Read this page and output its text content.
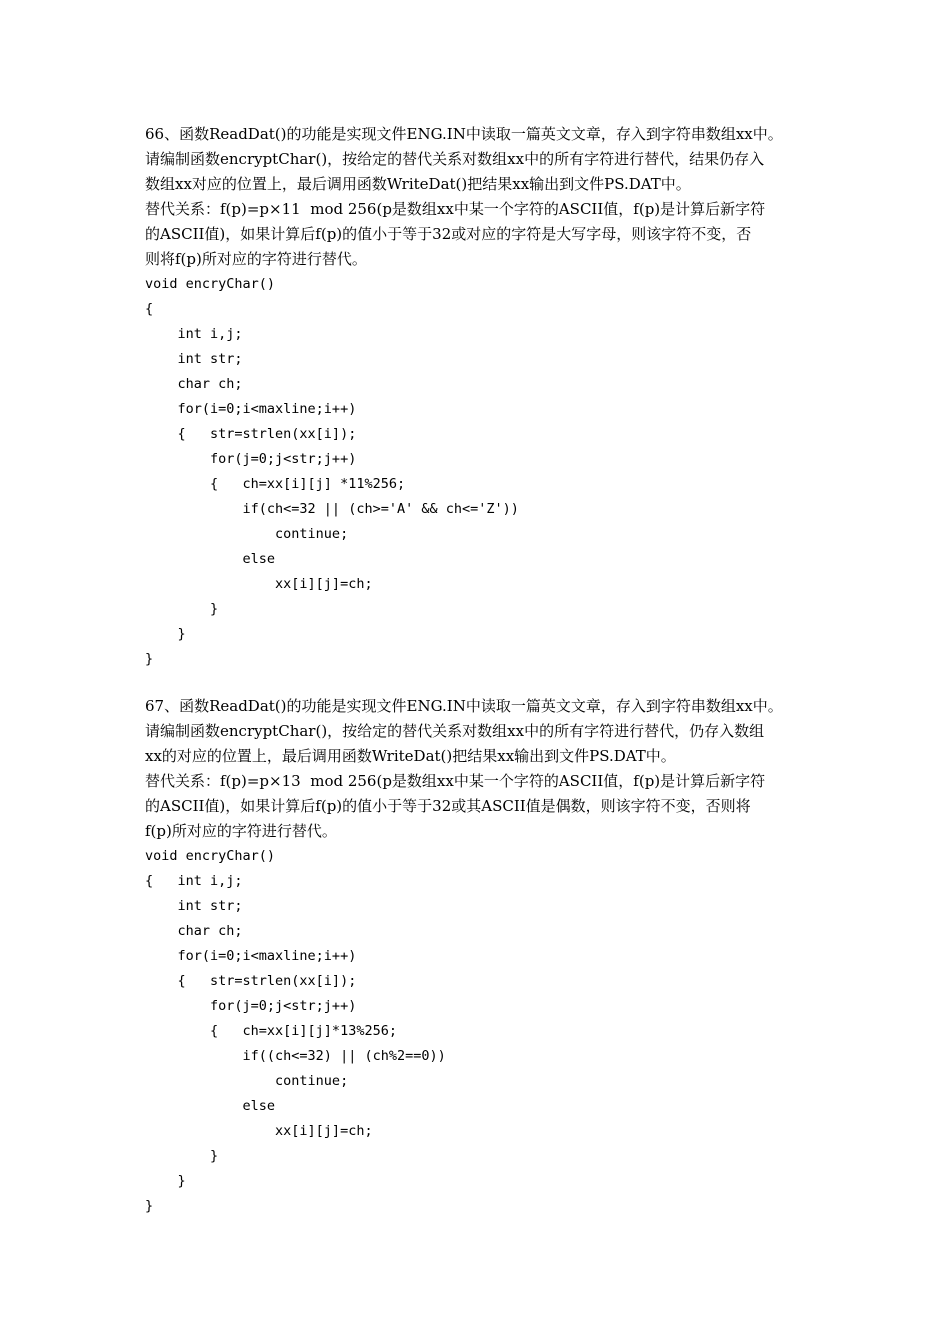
66、函数ReadDat()的功能是实现文件ENG.IN中读取一篇英文文章，存入到字符串数组xx中。
请编制函数encryptChar()，按给定的替代关系对数组xx中的所有字符进行替代，结果仍存入
数组xx对应的位置上，最后调用函数WriteDat()把结果xx输出到文件PS.DAT中。
替代关系：f(p)=p×11  mod 256(p是数组xx中某一个字符的ASCII值，f(p)是计算后新字符
的ASCII值)，如果计算后f(p)的值小于等于32或对应的字符是大写字母，则该字符不变，否
则将f(p)所对应的字符进行替代。
void encryChar()
{
int i,j;
int str;
char ch;
for(i=0;i<maxline;i++)
{   str=strlen(xx[i]);
for(j=0;j<str;j++)
{   ch=xx[i][j] *11%256;
if(ch<=32 || (ch>='A' && ch<='Z'))
continue;
else
xx[i][j]=ch;
}
}
}
67、函数ReadDat()的功能是实现文件ENG.IN中读取一篇英文文章，存入到字符串数组xx中。
请编制函数encryptChar()，按给定的替代关系对数组xx中的所有字符进行替代，仍存入数组
xx的对应的位置上，最后调用函数WriteDat()把结果xx输出到文件PS.DAT中。
替代关系：f(p)=p×13  mod 256(p是数组xx中某一个字符的ASCII值，f(p)是计算后新字符
的ASCII值)，如果计算后f(p)的值小于等于32或其ASCII值是偶数，则该字符不变，否则将
f(p)所对应的字符进行替代。
void encryChar()
{   int i,j;
int str;
char ch;
for(i=0;i<maxline;i++)
{   str=strlen(xx[i]);
for(j=0;j<str;j++)
{   ch=xx[i][j]*13%256;
if((ch<=32) || (ch%2==0))
continue;
else
xx[i][j]=ch;
}
}
}
